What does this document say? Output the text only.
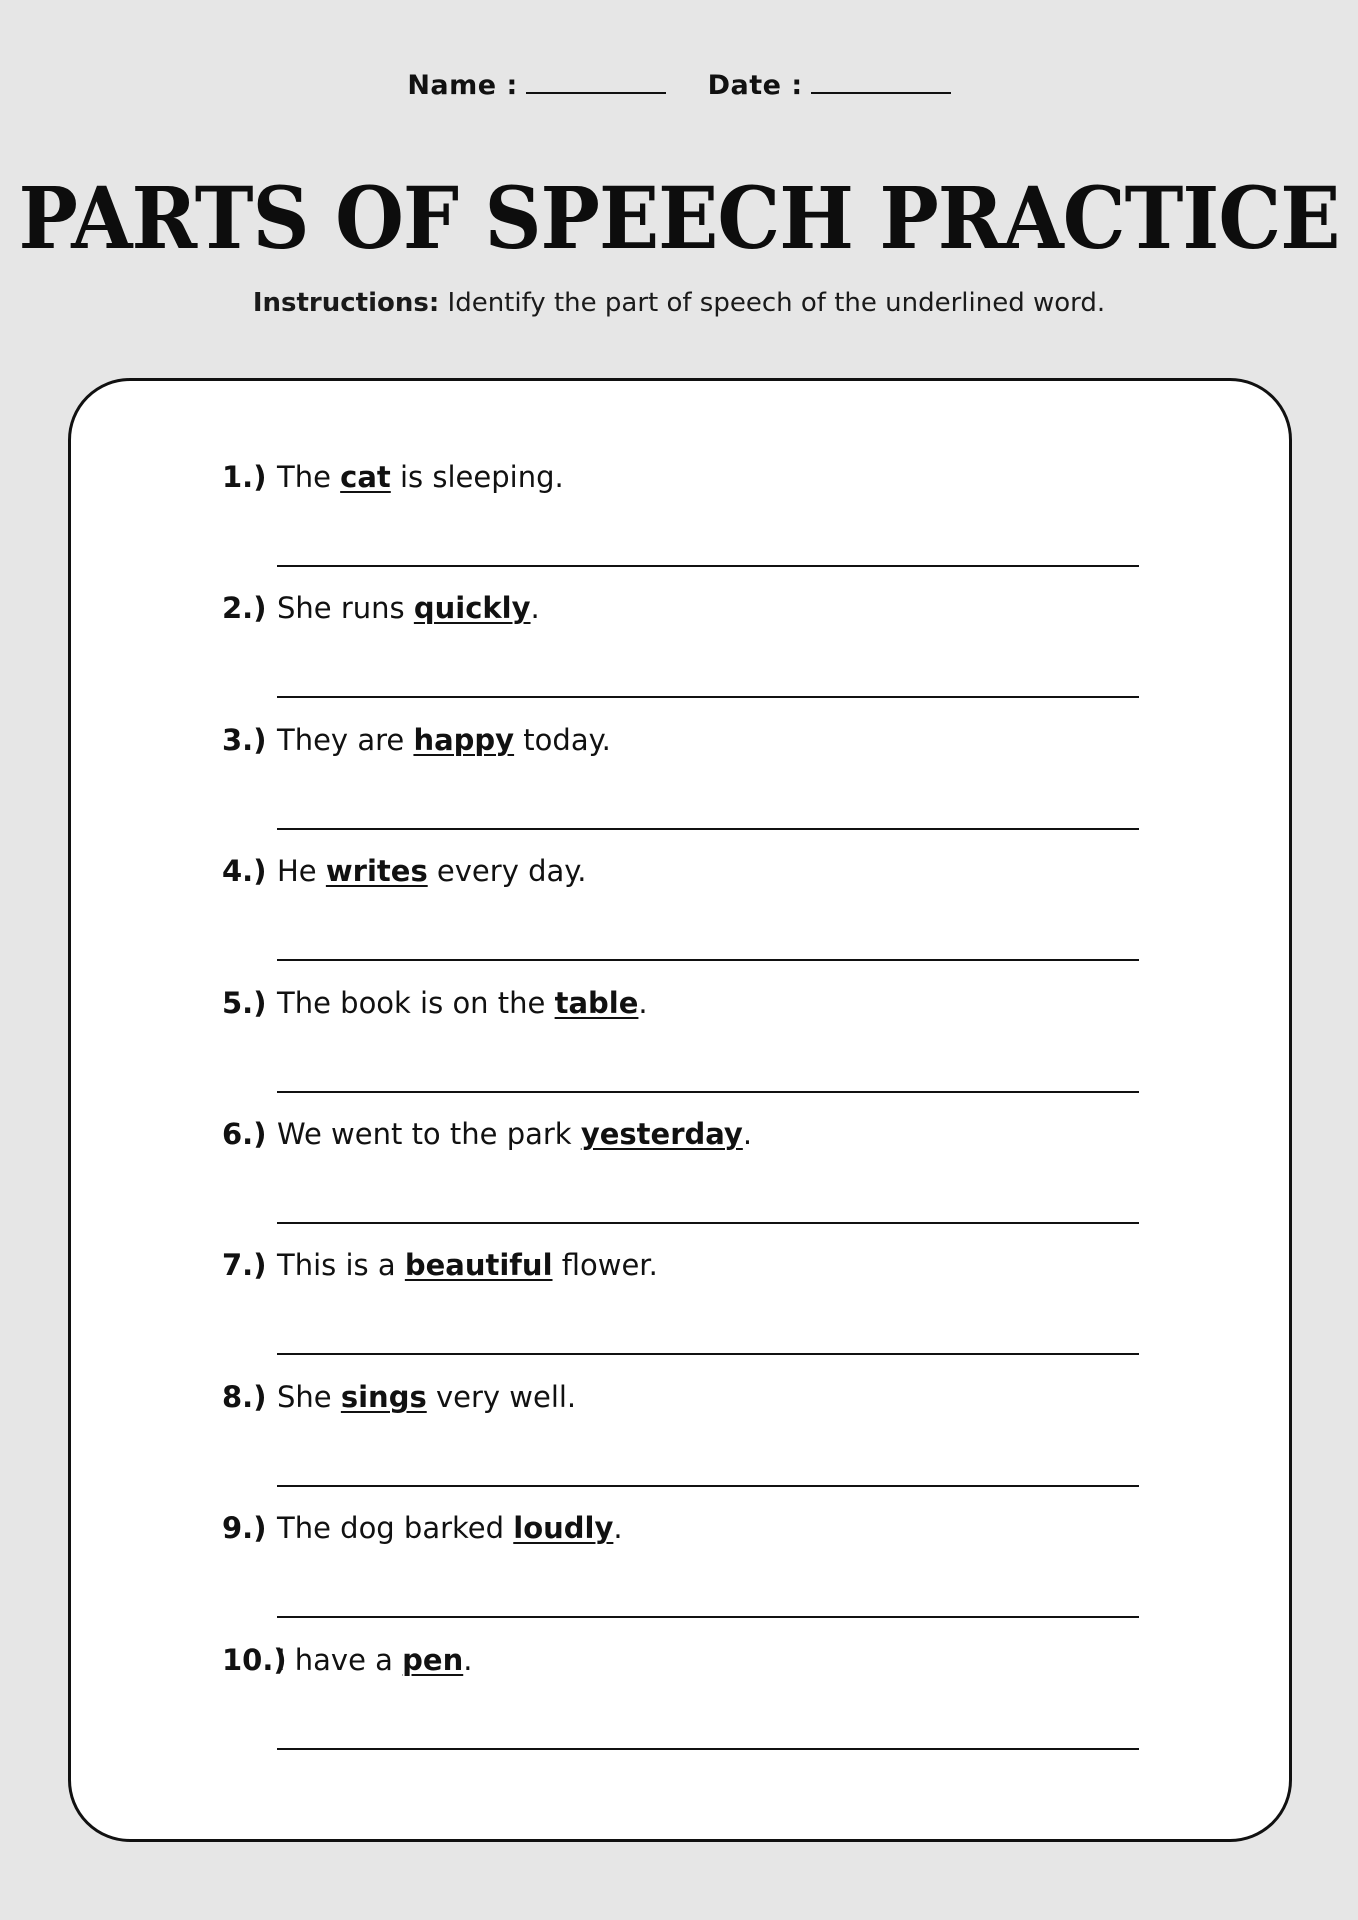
Name :	Date :
PARTS OF SPEECH PRACTICE
Instructions: Identify the part of speech of the underlined word.
1.) The cat is sleeping.
2.) She runs quickly.
3.) They are happy today.
4.) He writes every day.
5.) The book is on the table.
6.) We went to the park yesterday.
7.) This is a beautiful flower.
8.) She sings very well.
9.) The dog barked loudly.
10.)
I have a pen.
